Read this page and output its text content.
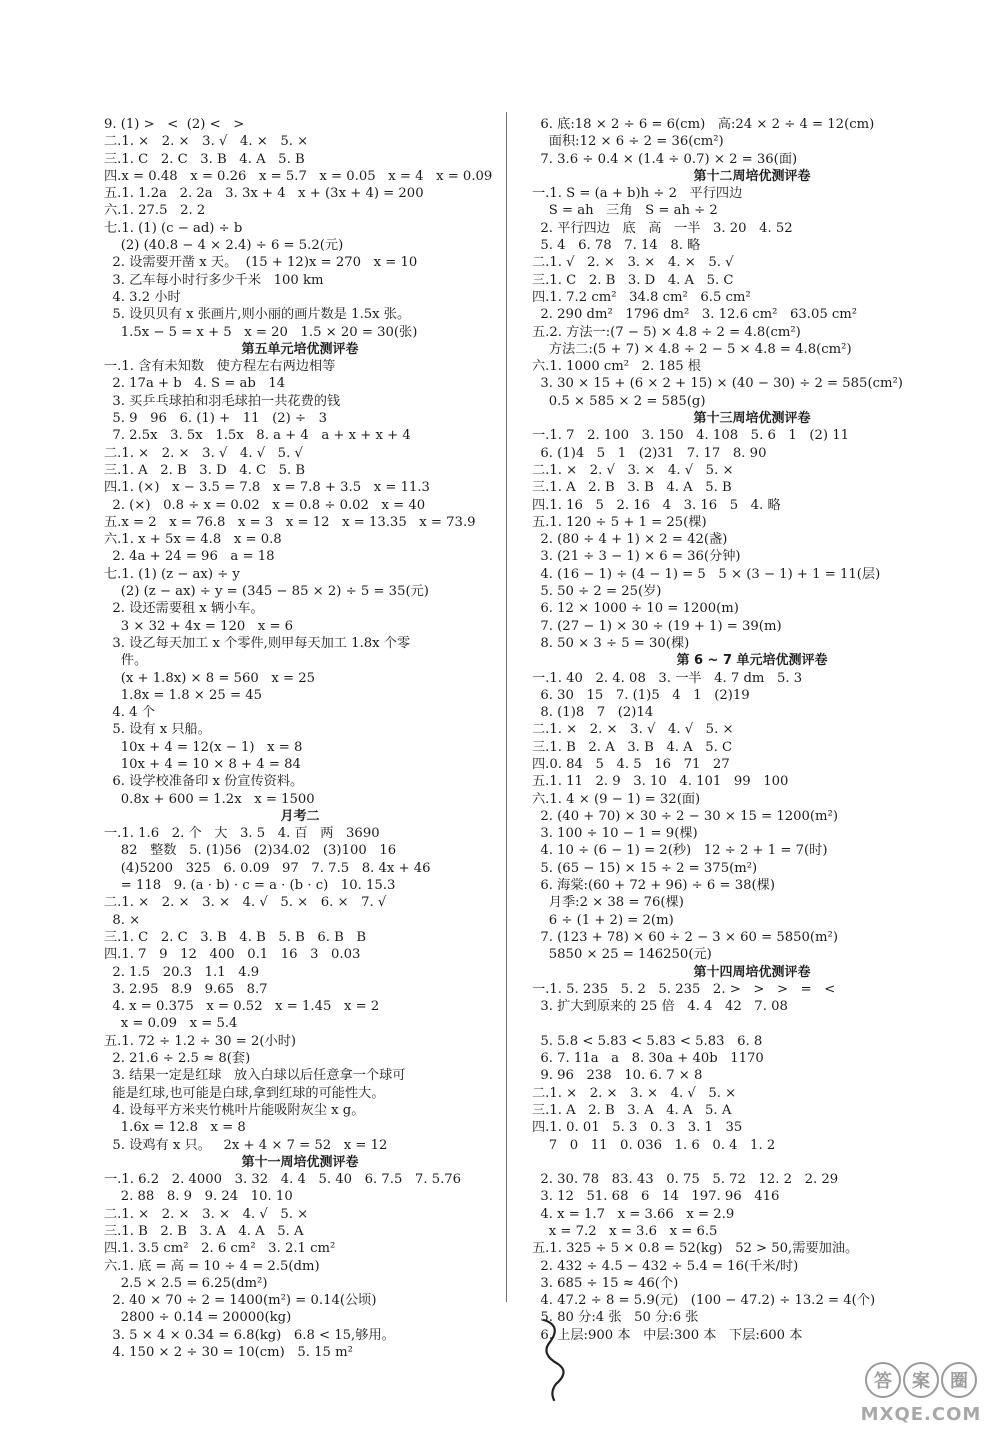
9. (1) >   <  (2) <   >
二.1. ×   2. ×   3. √   4. ×   5. ×
三.1. C   2. C   3. B   4. A   5. B
四.x = 0.48   x = 0.26   x = 5.7   x = 0.05   x = 4   x = 0.09
五.1. 1.2a   2. 2a   3. 3x + 4   x + (3x + 4) = 200
六.1. 27.5   2. 2
七.1. (1) (c − ad) ÷ b
(2) (40.8 − 4 × 2.4) ÷ 6 = 5.2(元)
2. 设需要开凿 x 天。  (15 + 12)x = 270   x = 10
3. 乙车每小时行多少千米   100 km
4. 3.2 小时
5. 设贝贝有 x 张画片,则小丽的画片数是 1.5x 张。
1.5x − 5 = x + 5   x = 20   1.5 × 20 = 30(张)
第五单元培优测评卷
一.1. 含有未知数   使方程左右两边相等
2. 17a + b   4. S = ab   14
3. 买乒乓球拍和羽毛球拍一共花费的钱
5. 9   96   6. (1) +   11   (2) ÷   3
7. 2.5x   3. 5x   1.5x   8. a + 4   a + x + x + 4
二.1. ×   2. ×   3. √   4. √   5. √
三.1. A   2. B   3. D   4. C   5. B
四.1. (×)   x − 3.5 = 7.8   x = 7.8 + 3.5   x = 11.3
2. (×)   0.8 ÷ x = 0.02   x = 0.8 ÷ 0.02   x = 40
五.x = 2   x = 76.8   x = 3   x = 12   x = 13.35   x = 73.9
六.1. x + 5x = 4.8   x = 0.8
2. 4a + 24 = 96   a = 18
七.1. (1) (z − ax) ÷ y
(2) (z − ax) ÷ y = (345 − 85 × 2) ÷ 5 = 35(元)
2. 设还需要租 x 辆小车。
3 × 32 + 4x = 120   x = 6
3. 设乙每天加工 x 个零件,则甲每天加工 1.8x 个零
件。
(x + 1.8x) × 8 = 560   x = 25
1.8x = 1.8 × 25 = 45
4. 4 个
5. 设有 x 只船。
10x + 4 = 12(x − 1)   x = 8
10x + 4 = 10 × 8 + 4 = 84
6. 设学校准备印 x 份宣传资料。
0.8x + 600 = 1.2x   x = 1500
月考二
一.1. 1.6   2. 个   大   3. 5   4. 百   两   3690
82   整数   5. (1)56   (2)34.02   (3)100   16
(4)5200   325   6. 0.09   97   7. 7.5   8. 4x + 46
= 118   9. (a · b) · c = a · (b · c)   10. 15.3
二.1. ×   2. ×   3. ×   4. √   5. ×   6. ×   7. √
8. ×
三.1. C   2. C   3. B   4. B   5. B   6. B   B
四.1. 7   9   12   400   0.1   16   3   0.03
2. 1.5   20.3   1.1   4.9
3. 2.95   8.9   9.65   8.7
4. x = 0.375   x = 0.52   x = 1.45   x = 2
x = 0.09   x = 5.4
五.1. 72 ÷ 1.2 ÷ 30 = 2(小时)
2. 21.6 ÷ 2.5 ≈ 8(套)
3. 结果一定是红球   放入白球以后任意拿一个球可
能是红球,也可能是白球,拿到红球的可能性大。
4. 设每平方米夹竹桃叶片能吸附灰尘 x g。
1.6x = 12.8   x = 8
5. 设鸡有 x 只。   2x + 4 × 7 = 52   x = 12
第十一周培优测评卷
一.1. 6.2   2. 4000   3. 32   4. 4   5. 40   6. 7.5   7. 5.76
2. 88   8. 9   9. 24   10. 10
二.1. ×   2. ×   3. ×   4. √   5. ×
三.1. B   2. B   3. A   4. A   5. A
四.1. 3.5 cm²   2. 6 cm²   3. 2.1 cm²
六.1. 底 = 高 = 10 ÷ 4 = 2.5(dm)
2.5 × 2.5 = 6.25(dm²)
2. 40 × 70 ÷ 2 = 1400(m²) = 0.14(公顷)
2800 ÷ 0.14 = 20000(kg)
3. 5 × 4 × 0.34 = 6.8(kg)   6.8 < 15,够用。
4. 150 × 2 ÷ 30 = 10(cm)   5. 15 m²
6. 底:18 × 2 ÷ 6 = 6(cm)   高:24 × 2 ÷ 4 = 12(cm)
面积:12 × 6 ÷ 2 = 36(cm²)
7. 3.6 ÷ 0.4 × (1.4 ÷ 0.7) × 2 = 36(面)
第十二周培优测评卷
一.1. S = (a + b)h ÷ 2   平行四边
S = ah   三角   S = ah ÷ 2
2. 平行四边   底   高   一半   3. 20   4. 52
5. 4   6. 78   7. 14   8. 略
二.1. √   2. ×   3. ×   4. ×   5. √
三.1. C   2. B   3. D   4. A   5. C
四.1. 7.2 cm²   34.8 cm²   6.5 cm²
2. 290 dm²   1796 dm²   3. 12.6 cm²   63.05 cm²
五.2. 方法一:(7 − 5) × 4.8 ÷ 2 = 4.8(cm²)
方法二:(5 + 7) × 4.8 ÷ 2 − 5 × 4.8 = 4.8(cm²)
六.1. 1000 cm²   2. 185 根
3. 30 × 15 + (6 × 2 + 15) × (40 − 30) ÷ 2 = 585(cm²)
0.5 × 585 × 2 = 585(g)
第十三周培优测评卷
一.1. 7   2. 100   3. 150   4. 108   5. 6   1   (2) 11
6. (1)4   5   1   (2)31   7. 17   8. 90
二.1. ×   2. √   3. ×   4. √   5. ×
三.1. A   2. B   3. B   4. A   5. B
四.1. 16   5   2. 16   4   3. 16   5   4. 略
五.1. 120 ÷ 5 + 1 = 25(棵)
2. (80 ÷ 4 + 1) × 2 = 42(盏)
3. (21 ÷ 3 − 1) × 6 = 36(分钟)
4. (16 − 1) ÷ (4 − 1) = 5   5 × (3 − 1) + 1 = 11(层)
5. 50 ÷ 2 = 25(岁)
6. 12 × 1000 ÷ 10 = 1200(m)
7. (27 − 1) × 30 ÷ (19 + 1) = 39(m)
8. 50 × 3 ÷ 5 = 30(棵)
第 6 ~ 7 单元培优测评卷
一.1. 40   2. 4. 08   3. 一半   4. 7 dm   5. 3
6. 30   15   7. (1)5   4   1   (2)19
8. (1)8   7   (2)14
二.1. ×   2. ×   3. √   4. √   5. ×
三.1. B   2. A   3. B   4. A   5. C
四.0. 84   5   4. 5   16   71   27
五.1. 11   2. 9   3. 10   4. 101   99   100
六.1. 4 × (9 − 1) = 32(面)
2. (40 + 70) × 30 ÷ 2 − 30 × 15 = 1200(m²)
3. 100 ÷ 10 − 1 = 9(棵)
4. 10 ÷ (6 − 1) = 2(秒)   12 ÷ 2 + 1 = 7(时)
5. (65 − 15) × 15 ÷ 2 = 375(m²)
6. 海棠:(60 + 72 + 96) ÷ 6 = 38(棵)
月季:2 × 38 = 76(棵)
6 ÷ (1 + 2) = 2(m)
7. (123 + 78) × 60 ÷ 2 − 3 × 60 = 5850(m²)
5850 × 25 = 146250(元)
第十四周培优测评卷
一.1. 5. 235   5. 2   5. 235   2. >   >   >   =   <
3. 扩大到原来的 25 倍   4. 4   42   7. 08
5. 5.8 < 5.83 < 5.83 < 5.83̇   6. 8
6. 7. 11a   a   8. 30a + 40b   1170
9. 96   238   10. 6. 7 × 8
二.1. ×   2. ×   3. ×   4. √   5. ×
三.1. A   2. B   3. A   4. A   5. A
四.1. 0. 01   5. 3   0. 3   3. 1   35
7   0   11   0. 036   1. 6   0. 4   1. 2
2. 30. 78   83. 43   0. 75   5. 72   12. 2   2. 29
3. 12   51. 68   6   14   197. 96   416
4. x = 1.7   x = 3.66   x = 2.9
x = 7.2   x = 3.6   x = 6.5
五.1. 325 ÷ 5 × 0.8 = 52(kg)   52 > 50,需要加油。
2. 432 ÷ 4.5 − 432 ÷ 5.4 = 16(千米/时)
3. 685 ÷ 15 ≈ 46(个)
4. 47.2 ÷ 8 = 5.9(元)   (100 − 47.2) ÷ 13.2 = 4(个)
5. 80 分:4 张   50 分:6 张
6. 上层:900 本   中层:300 本   下层:600 本
答	案	圈
MXQE.COM
